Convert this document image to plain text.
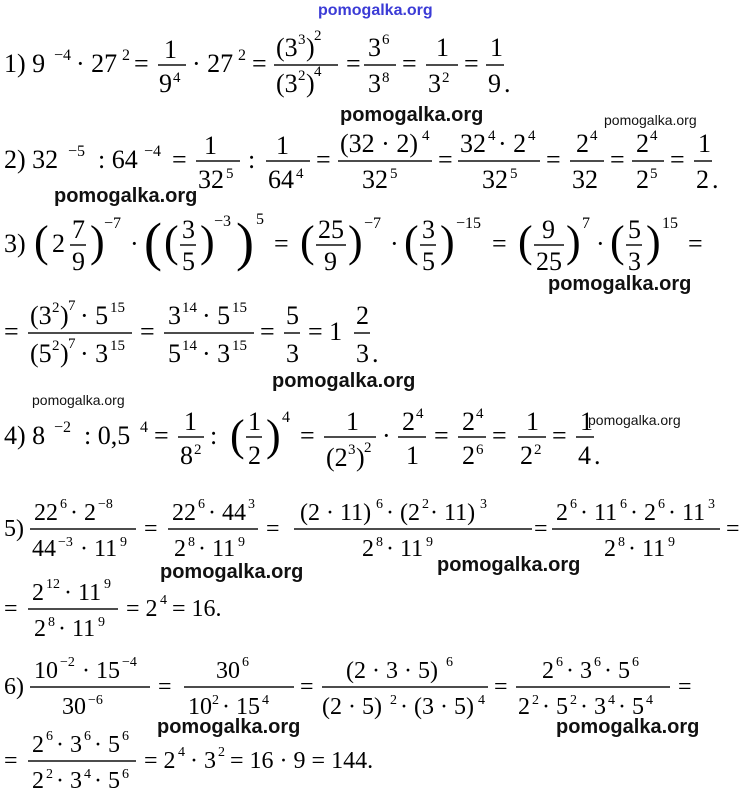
pomogalka.org
pomogalka.org	pomogalka.org
pomogalka.org
pomogalka.org
pomogalka.org
pomogalka.org
pomogalka.org
pomogalka.org	pomogalka.org
pomogalka.org	pomogalka.org
1) 9 −4 · 27 2 = 1
9 4 · 27 2 =
(3 3 ) 2
(3 2 ) 4 =
3 6
3 8 =
1
3 2 =
1
9 .
2) 32 −5 : 64 −4 = 1
32 5 : 1
64 4 =
(32 · 2) 4
32 5 =
32 4 · 2 4
32 5 =
2 4
32
=
2 4
2 5 =
1
2 .
3) ( 2 7
9 ) −7
· ( ( 3
5 ) −3 ) 5
= ( 25
9 ) −7
· ( 3
5 ) −15
= ( 9
25 ) 7
· ( 5
3 ) 15
=
=
(3 2 ) 7 · 5 15
(5 2 ) 7 · 3 15 =
3 14 · 5 15
5 14 · 3 15 =
5
3
= 1
2
3 .
4) 8 −2 : 0,5 4 = 1
8 2 : ( 1
2 ) 4
= 1
(2 3 ) 2 · 2 4
1
= 2 4
2 6 = 1
2 2 = 1
4 .
5)
22 6 · 2 −8
44 −3 · 11 9
=
22 6 · 44 3
2 8 · 11 9
=
(2 · 11) 6 · (2 2 · 11) 3
2 8 · 11 9
=
2 6 · 11 6 · 2 6 · 11 3
2 8 · 11 9
=
=
2 12 · 11 9
2 8 · 11 9
= 2 4 = 16.
6)
10 −2 · 15 −4
30 −6
=
30 6
10 2 · 15 4
=
(2 · 3 · 5) 6
(2 · 5) 2 · (3 · 5) 4
=
2 6 · 3 6 · 5 6
2 2 · 5 2 · 3 4 · 5 4
=
=
2 6 · 3 6 · 5 6
2 2 · 3 4 · 5 6
= 2 4 · 3 2 = 16 · 9 = 144.
